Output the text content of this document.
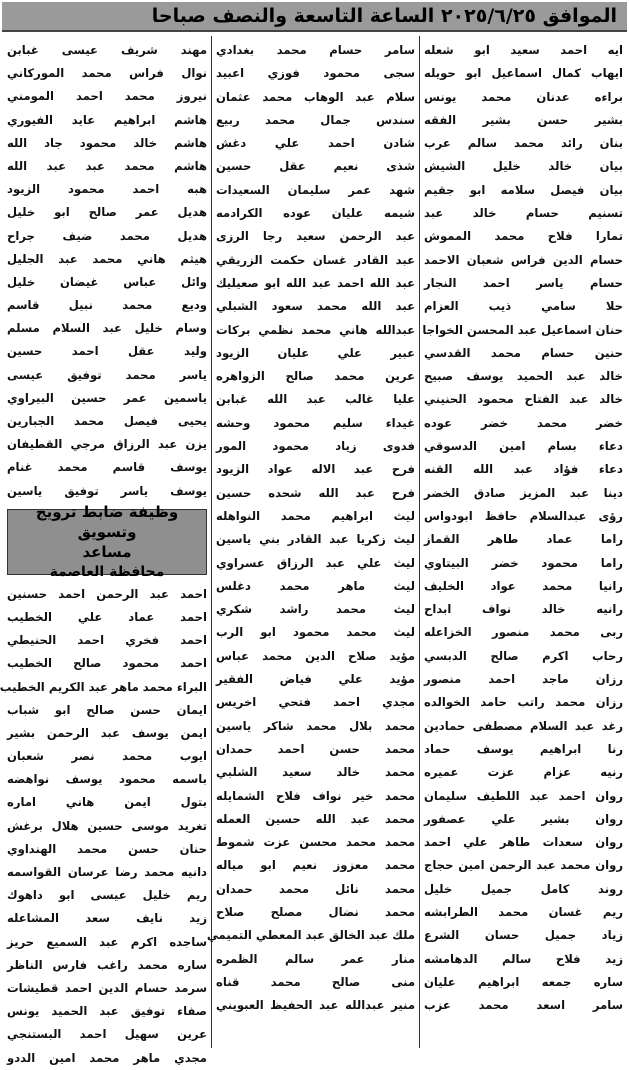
الموافق ٢٠٢٥/٦/٢٥ الساعة التاسعة والنصف صباحا
ايه احمد سعيد ابو شعله
ايهاب كمال اسماعيل ابو حويله
براءه عدنان محمد يونس
بشير حسن بشير الفقه
بنان رائد محمد سالم عرب
بيان خالد خليل الشيش
بيان فيصل سلامه ابو جقيم
تسنيم حسام خالد عبد
تمارا فلاح محمد المموش
حسام الدين فراس شعبان الاحمد
حسام ياسر احمد النجار
حلا سامي ذيب العزام
حنان اسماعيل عبد المحسن الخواجا
حنين حسام محمد القدسي
خالد عبد الحميد يوسف صبيح
خالد عبد الفتاح محمود الحنيني
خضر محمد خضر عوده
دعاء بسام امين الدسوقي
دعاء فؤاد عبد الله القنه
دينا عبد المزيز صادق الخضر
رؤى عبدالسلام حافظ ابودواس
راما عماد طاهر القماز
راما محمود خضر البيتاوي
رانيا محمد عواد الخليف
رانيه خالد نواف ابداح
ربى محمد منصور الخزاعله
رحاب اكرم صالح الدبسي
رزان ماجد احمد منصور
رزان محمد راتب حامد الخوالده
رغد عبد السلام مصطفى حمادين
رنا ابراهيم يوسف حماد
رنيه عزام عزت عميره
روان احمد عبد اللطيف سليمان
روان بشير علي عصفور
روان سعدات طاهر علي احمد
روان محمد عبد الرحمن امين حجاج
روند كامل جميل خليل
ريم غسان محمد الطرابشه
زياد جميل حسان الشرع
زيد فلاح سالم الدهامشه
ساره جمعه ابراهيم عليان
سامر اسعد محمد عزب
سامر حسام محمد بغدادي
سجى محمود فوزي اعبيد
سلام عبد الوهاب محمد عثمان
سندس جمال محمد ربيع
شادن احمد علي دغش
شذى نعيم عقل حسين
شهد عمر سليمان السعيدات
شيمه عليان عوده الكرادمه
عبد الرحمن سعيد رجا الرزى
عبد القادر غسان حكمت الزريقي
عبد الله احمد عبد الله ابو صعيليك
عبد الله محمد سعود الشبلي
عبدالله هاني محمد نظمي بركات
عبير علي عليان الزيود
عرين محمد صالح الزواهره
عليا غالب عبد الله غبابن
غيداء سليم محمود وحشه
فدوى زياد محمود المور
فرح عبد الاله عواد الزيود
فرح عبد الله شحده حسين
ليث ابراهيم محمد النواهله
ليث زكريا عبد القادر بني ياسين
ليث علي عبد الرزاق عسراوي
ليث ماهر محمد دغلس
ليث محمد راشد شكري
ليث محمد محمود ابو الرب
مؤيد صلاح الدين محمد عباس
مؤيد علي فياض الفقير
مجدي احمد فتحي اخريس
محمد بلال محمد شاكر ياسين
محمد حسن احمد حمدان
محمد خالد سعيد الشلبي
محمد خير نواف فلاح الشمايله
محمد عبد الله حسين العمله
محمد محمد محسن عزت شموط
محمد معزوز نعيم ابو مياله
محمد نائل محمد حمدان
محمد نضال مصلح صلاح
ملك عبد الخالق عبد المعطي التميمي
منار عمر سالم الظمره
منى صالح محمد قناه
منير عبدالله عبد الحفيظ العبويني
مهند شريف عيسى غبابن
نوال فراس محمد الموركاني
نيروز محمد احمد المومني
هاشم ابراهيم عايد الفيوري
هاشم خالد محمود جاد الله
هاشم محمد عبد عبد الله
هبه احمد محمود الزيود
هديل عمر صالح ابو خليل
هديل محمد ضيف جراح
هيثم هاني محمد عبد الجليل
وائل عباس غيضان خليل
وديع محمد نبيل قاسم
وسام خليل عبد السلام مسلم
وليد عقل احمد حسين
ياسر محمد توفيق عيسى
ياسمين عمر حسين البيراوي
يحيى فيصل محمد الجبارين
يزن عبد الرزاق مرجي القطيفان
يوسف قاسم محمد غنام
يوسف ياسر توفيق ياسين
وظيفة ضابط ترويج وتسويق
مساعد
محافظة العاصمة
احمد عبد الرحمن احمد حسنين
احمد عماد علي الخطيب
احمد فخري احمد الحنيطي
احمد محمود صالح الخطيب
البراء محمد ماهر عبد الكريم الخطيب
ايمان حسن صالح ابو شباب
ايمن يوسف عبد الرحمن بشير
ايوب محمد نصر شعبان
باسمه محمود يوسف نواهضه
بتول ايمن هاني اماره
تغريد موسى حسين هلال برغش
حنان حسن محمد الهنداوي
دانيه محمد رضا عرسان القواسمه
ريم خليل عيسى ابو داهوك
زيد نايف سعد المشاعله
ساجده اكرم عبد السميع حريز
ساره محمد راغب فارس الناظر
سرمد حسام الدين احمد قطيشات
صفاء توفيق عبد الحميد يونس
عرين سهيل احمد البستنجي
مجدي ماهر محمد امين الددو
